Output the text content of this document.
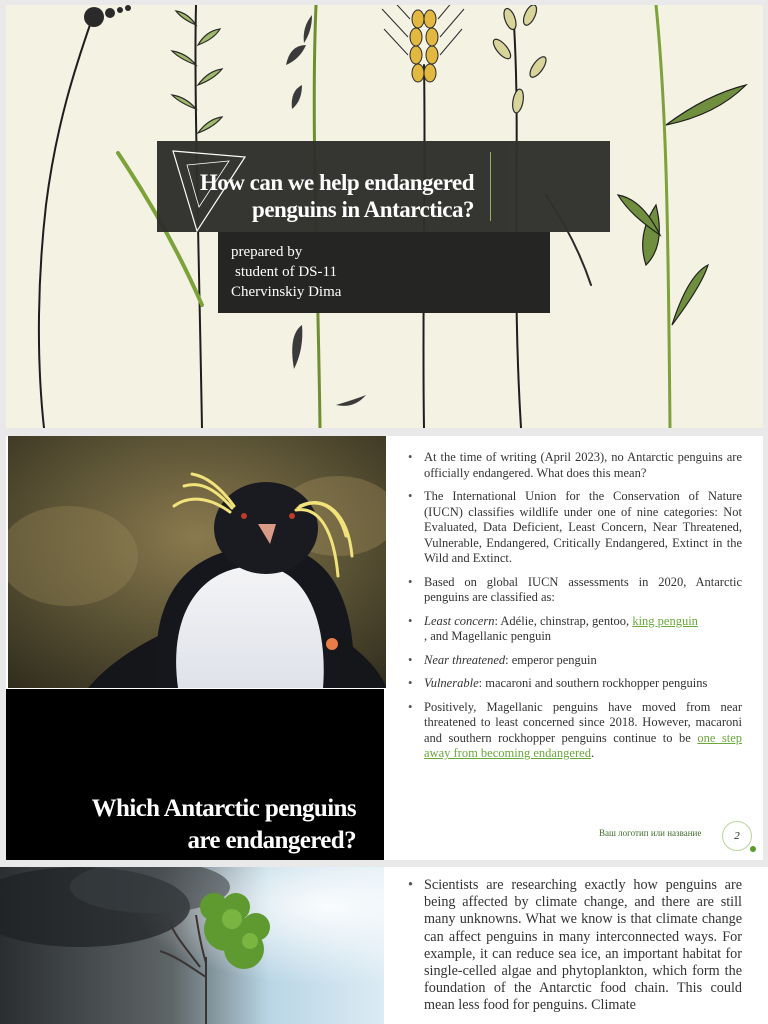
How can we help endangered
penguins in Antarctica?
prepared by
student of DS-11
Chervinskiy Dima
Which Antarctic penguins
are endangered?
• At the time of writing (April 2023), no Antarctic penguins are officially endangered. What does this mean?
• The International Union for the Conservation of Nature (IUCN) classifies wildlife under one of nine categories: Not Evaluated, Data Deficient, Least Concern, Near Threatened, Vulnerable, Endangered, Critically Endangered, Extinct in the Wild and Extinct.
• Based on global IUCN assessments in 2020, Antarctic penguins are classified as:
• Least concern: Adélie, chinstrap, gentoo, king penguin
, and Magellanic penguin
• Near threatened: emperor penguin
• Vulnerable: macaroni and southern rockhopper penguins
• Positively, Magellanic penguins have moved from near threatened to least concerned since 2018. However, macaroni and southern rockhopper penguins continue to be one step away from becoming endangered.
Ваш логотип или название	2
• Scientists are researching exactly how penguins are being affected by climate change, and there are still many unknowns. What we know is that climate change can affect penguins in many interconnected ways. For example, it can reduce sea ice, an important habitat for single-celled algae and phytoplankton, which form the foundation of the Antarctic food chain. This could mean less food for penguins. Climate
